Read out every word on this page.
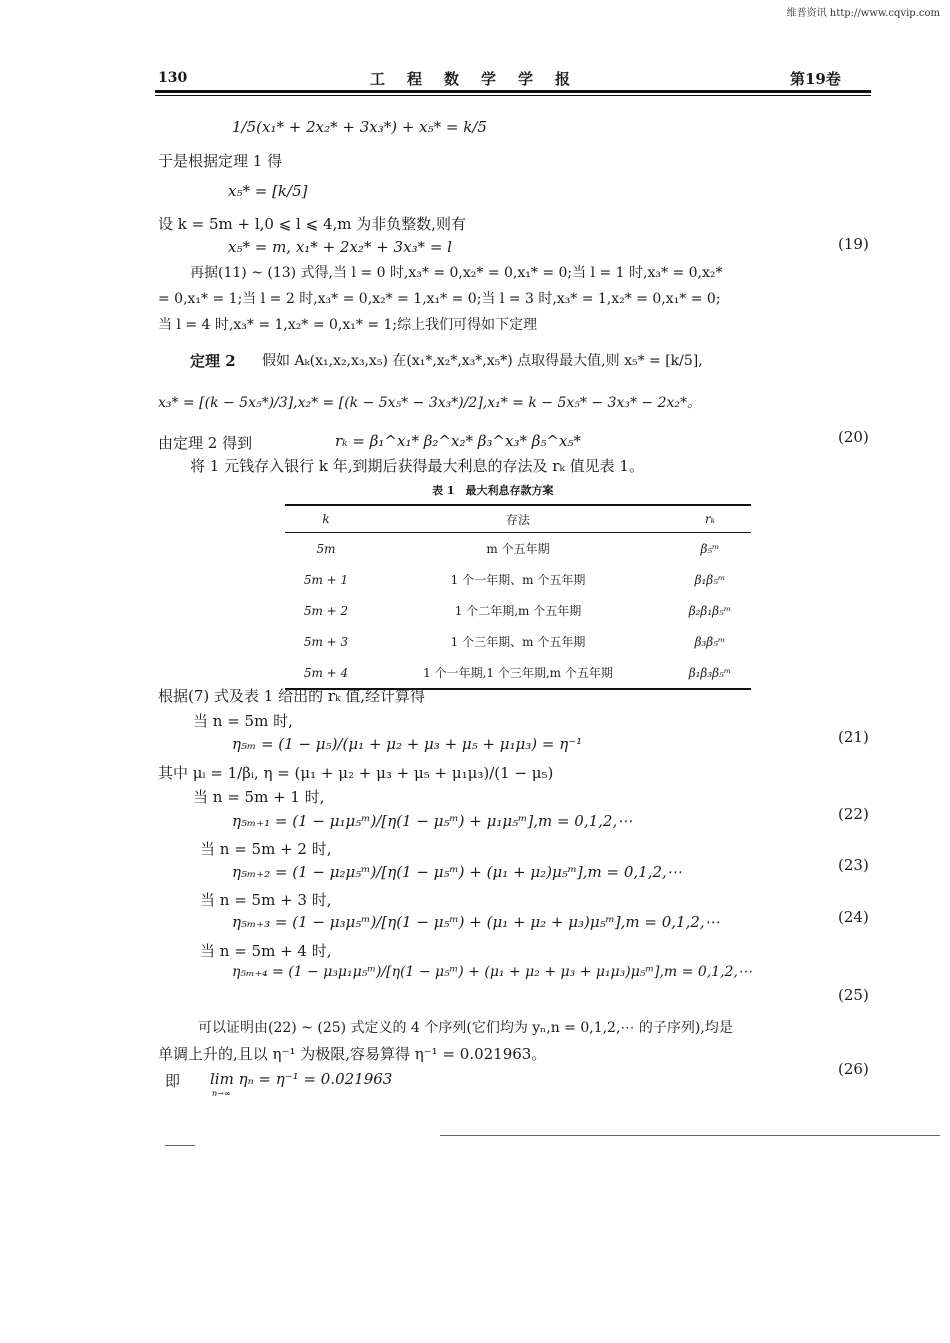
维普资讯 http://www.cqvip.com
130	工程数学学报	第19卷
1/5(x₁* + 2x₂* + 3x₃*) + x₅* = k/5
于是根据定理 1 得
x₅* = [k/5]
设 k = 5m + l,0 ⩽ l ⩽ 4,m 为非负整数,则有
x₅* = m, x₁* + 2x₂* + 3x₃* = l	(19)
再据(11) ~ (13) 式得,当 l = 0 时,x₃* = 0,x₂* = 0,x₁* = 0;当 l = 1 时,x₃* = 0,x₂*
= 0,x₁* = 1;当 l = 2 时,x₃* = 0,x₂* = 1,x₁* = 0;当 l = 3 时,x₃* = 1,x₂* = 0,x₁* = 0;
当 l = 4 时,x₃* = 1,x₂* = 0,x₁* = 1;综上我们可得如下定理
定理 2 假如 Aₖ(x₁,x₂,x₃,x₅) 在(x₁*,x₂*,x₃*,x₅*) 点取得最大值,则 x₅* = [k/5],
x₃* = [(k − 5x₅*)/3],x₂* = [(k − 5x₅* − 3x₃*)/2],x₁* = k − 5x₅* − 3x₃* − 2x₂*。
由定理 2 得到	rₖ = β₁^x₁* β₂^x₂* β₃^x₃* β₅^x₅*	(20)
将 1 元钱存入银行 k 年,到期后获得最大利息的存法及 rₖ 值见表 1。
表 1　最大利息存款方案
k	存法	rₖ
5m	m 个五年期	β₅ᵐ
5m + 1	1 个一年期、m 个五年期	β₁β₅ᵐ
5m + 2	1 个二年期,m 个五年期	β₂β₁β₅ᵐ
5m + 3	1 个三年期、m 个五年期	β₃β₅ᵐ
5m + 4	1 个一年期,1 个三年期,m 个五年期	β₁β₃β₅ᵐ
根据(7) 式及表 1 给出的 rₖ 值,经计算得
当 n = 5m 时,
η₅ₘ = (1 − μ₅)/(μ₁ + μ₂ + μ₃ + μ₅ + μ₁μ₃) = η⁻¹	(21)
其中 μᵢ = 1/βᵢ, η = (μ₁ + μ₂ + μ₃ + μ₅ + μ₁μ₃)/(1 − μ₅)
当 n = 5m + 1 时,
η₅ₘ₊₁ = (1 − μ₁μ₅ᵐ)/[η(1 − μ₅ᵐ) + μ₁μ₅ᵐ],m = 0,1,2,⋯	(22)
当 n = 5m + 2 时,
η₅ₘ₊₂ = (1 − μ₂μ₅ᵐ)/[η(1 − μ₅ᵐ) + (μ₁ + μ₂)μ₅ᵐ],m = 0,1,2,⋯	(23)
当 n = 5m + 3 时,
η₅ₘ₊₃ = (1 − μ₃μ₅ᵐ)/[η(1 − μ₅ᵐ) + (μ₁ + μ₂ + μ₃)μ₅ᵐ],m = 0,1,2,⋯	(24)
当 n = 5m + 4 时,
η₅ₘ₊₄ = (1 − μ₃μ₁μ₅ᵐ)/[η(1 − μ₅ᵐ) + (μ₁ + μ₂ + μ₃ + μ₁μ₃)μ₅ᵐ],m = 0,1,2,⋯
(25)
可以证明由(22) ~ (25) 式定义的 4 个序列(它们均为 yₙ,n = 0,1,2,⋯ 的子序列),均是
单调上升的,且以 η⁻¹ 为极限,容易算得 η⁻¹ = 0.021963。
即 lim ηₙ = η⁻¹ = 0.021963
n→∞
(26)
